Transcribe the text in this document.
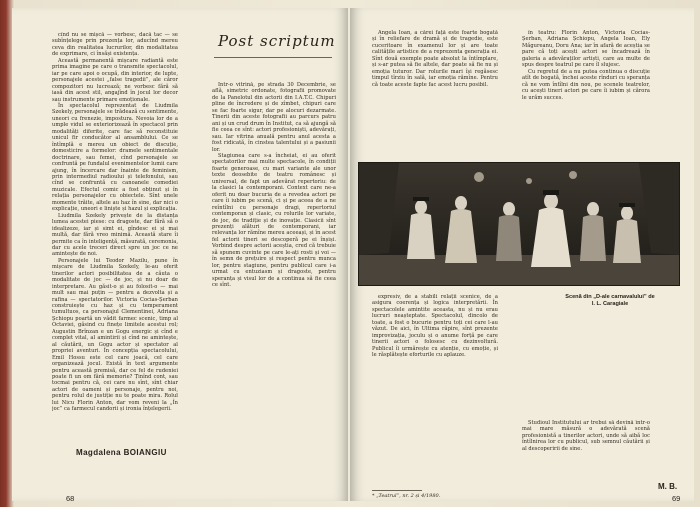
cînd nu se mișcă — vorbesc, dacă tac — se subînțelege prin prezența lor, aducînd mereu ceva din realitatea lucrurilor, din modalitatea de exprimare, ci însăși existența.

Această permanentă mișcare radiantă este prima imagine pe care o transmite spectacolul, iar pe care apoi o ocupă, din interior, de lupte, personajele acestei „false tragedii”, ale căror compozitori nu lucrează; ne vorbesc fără să iasă din acest stil, angajînd în jocul lor decor sau instrumente primare emoționale.

În spectacolul reprezentat de Liudmila Szekely, personajele se trădează cu sentimente, uneori cu frenezie, impostura. Nevoia lor de a umple vidul se exteriorizează în spectacol prin modalități diferite, care fac să reconstituie unicul fir conducător al ansamblului. Ce se întîmplă e mereu un obiect de discuție, domesticire a formelor: dramele sentimentale doctrinare, sau femei, cînd personajele se confruntă pe fundalul evenimentelor lumii care ajung, în încercare dar înainte de feminism, prin intermediul radioului și telefonului, sau cînd se confruntă cu canoanele comediei muzicale. Efectul comic a fost obținut și în relația personajelor cu obiectele. Sînt unele momente trăite, altele au haz în sine, dar nici o explicație, uneori e liniște și hazul și explicația.

Liudmila Szekely privește de la distanța lumea acestei piese: cu dragoste, dar fără să o idealizeze, iar și simt ei, gîndesc ei și mai multă, dar fără vreo minimă. Această stare îi permite ca în inteligență, măsurată, ceremonia, dar cu acele treceri direct spre un joc ce ne amintește de noi.

Personajele lui Teodor Mazilu, pune în mișcare de Liudmila Szekely, le-au oferit tinerilor actori posibilitatea de a căuta o modalitate de joc — de joc, și nu doar de interpretare. Au găsit-o și au folosit-o — mai mult sau mai puțin — pentru a dezvolta și a rafina — spectatorilor. Victoria Cocias-Șerban construiește cu haz și cu temperament tumultuos, ca personajul Clementinei, Adriana Șchiopu poartă un vădit farmec scenic, timp al Octaviei, găsind cu finețe limitele acestui rol; Augustin Brînzan e un Gogu energic și cînd e complet vital, al amintirii și cînd ne amintește, al căutării, un Gogu actor și spectator al propriei aventuri. În concepția spectacolului, Emil Hossu este cel care joacă, cel care organizează jocul. Există în text argumente pentru această premisă, dar ce fel de rudeniei poate fi un om fără memorie? Ținînd cont, sau tocmai pentru că, cei care nu sînt, sînt chiar actori de oameni și personaje, pentru noi, pentru rolul de justiție nu te poate mira. Rolul lui Nicu Florin Anton, dar vom reveni la „În joc” ca farmecul candorii și ironia înțelegerii.

Post scriptum

Într-o vitrină, pe strada 30 Decembrie, se află, simetric ordonate, fotografii promovate de la Panelotul din actorii din I.A.T.C. Chipuri pline de încredere și de zîmbet, chipuri care se fac foarte sigur, dar pe alocuri dezarmate. Tinerii din aceste fotografii au parcurs patru ani și un crud drum în Institut, ca să ajungă să fie ceea ce sînt: actori profesioniști, adevărați, sau. Iar vitrina anuală pentru anul acesta a fost ridicată, în cinstea talentului și a pasiunii lor.

Stagiunea care s-a încheiat, ei au oferit spectatorilor mai multe spectacole, în condiții foarte generoase, cu mari variante ale unor texte deosebite de teatru românesc și universal, de fapt un adevărat repertoriu: de la clasici la contemporani. Context care ne-a oferit nu doar bucuria de a revedea actori pe care îi iubim pe scenă, ci și pe aceea de a ne reîntîlni cu personaje dragi, repertoriul contemporan și clasic, cu rolurile lor variate, de joc, de tradiție și de inovație. Clasicii sînt prezenți alături de contemporani, iar relevanța lor rămîne mereu aceeași, și în acest fel actorii tineri se descoperă pe ei înșiși. Vorbind despre actorii aceștia, cred că trebuie să spunem cuvinte pe care le-ați rosti și voi — în semn de prețuire și respect pentru munca lor, pentru stagiune, pentru publicul care i-a urmat cu entuziasm și dragoste, pentru speranța și visul lor de a continua să fie ceea ce sînt.

Magdalena BOIANGIU
68

Angela Ioan, a cărei față este foarte bogată și în reliefare de dramă și de tragedie, este cuceritoare în examenul lor și are toate calitățile artistice de a reprezenta generația ei. Sînt două exemple poate absolut la întîmplare, și s-ar putea să fie altele, dar poate să fie nu și emoția tuturor. Dar rolurile mari își regăsesc timpul tîrziu în sală, iar emoția rămîne. Pentru că toate aceste fapte fac acest lucru posibil.

în teatru: Florin Anton, Victoria Cocias-Șerban, Adriana Șchiopu, Angela Ioan, Ely Măgureanu, Doru Ana; iar în afară de aceștia se pare că toți acești actori se încadrează în galeria a adevăraților artiști, care au multe de spus despre teatrul pe care îl slujesc.

Cu regretul de a nu putea continua o discuție atît de bogată, închei aceste rînduri cu speranța că ne vom întîlni din nou, pe scenele teatrelor, cu acești tineri actori pe care îi iubim și cărora le urăm succes.

expresiv, de a stabili relații scenice, de a asigura coerența și logica interpretării. În spectacolele amintite aceasta, nu și nu erau lucruri neașteptate. Spectacolul, dincolo de toate, a fost o bucurie pentru toți cei care l-au văzut. De aici, în Ultima răpire, sînt prezente improvizația, joculu și o anume forță pe care tinerii actori o folosesc cu dezinvoltură. Publicul îi urmărește cu atenție, cu emoție, și le răsplătește eforturile cu aplauze.

Scenă din „D-ale carnavalului” de
I. L. Caragiale

Studioul Institutului ar trebui să devină într-o mai mare măsură o adevărată scenă profesionistă a tinerilor actori, unde să aibă loc întîlnirea lor cu publicul, sub semnul căutării și al descoperirii de sine.

* „Teatrul”, nr. 2 și 4/1980.
M. B.
69
